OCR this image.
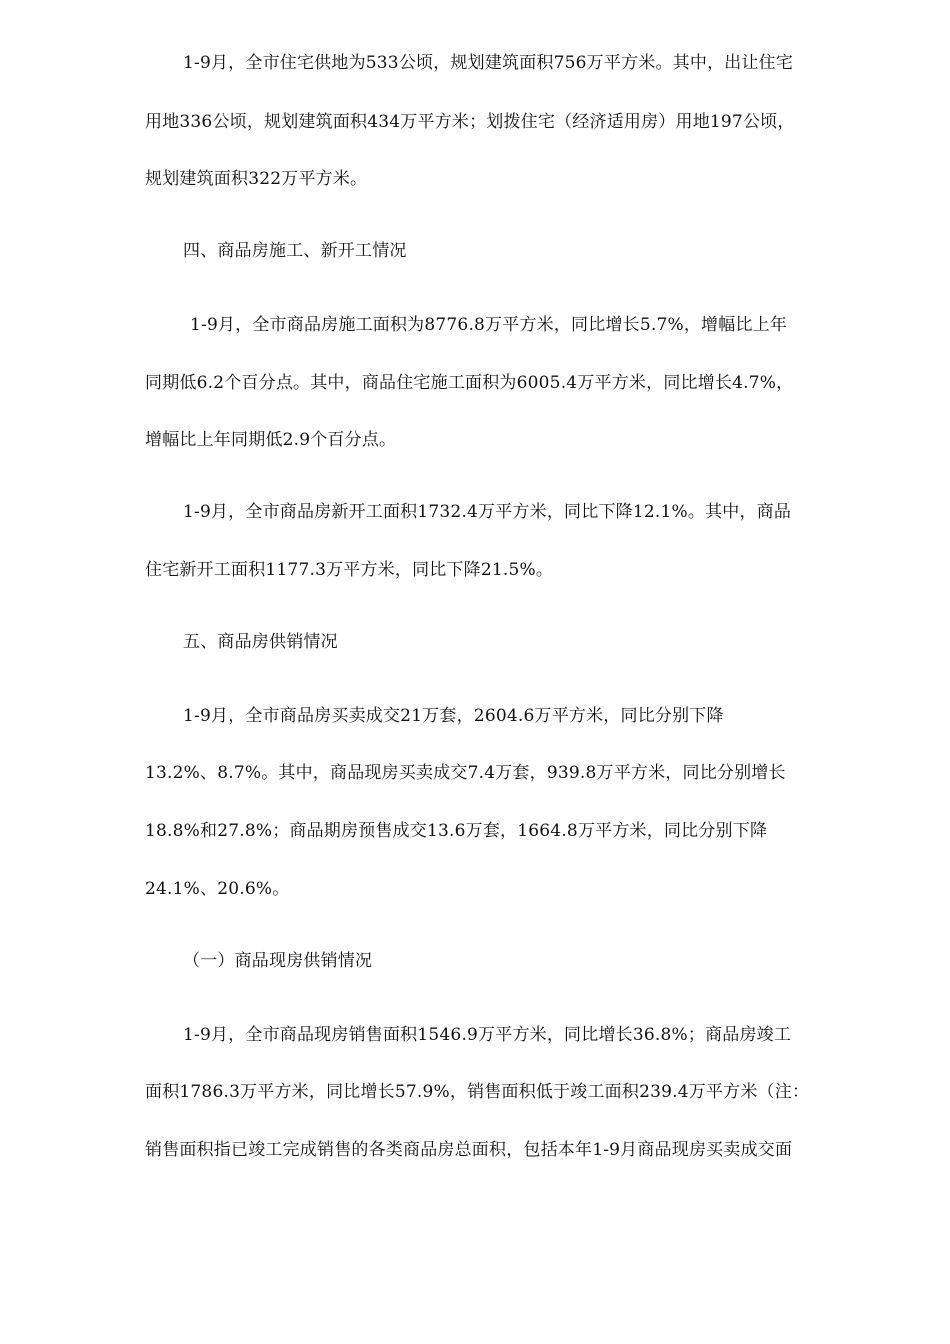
1-9月，全市住宅供地为533公顷，规划建筑面积756万平方米。其中，出让住宅
用地336公顷，规划建筑面积434万平方米；划拨住宅（经济适用房）用地197公顷，
规划建筑面积322万平方米。
四、商品房施工、新开工情况
1-9月，全市商品房施工面积为8776.8万平方米，同比增长5.7%，增幅比上年
同期低6.2个百分点。其中，商品住宅施工面积为6005.4万平方米，同比增长4.7%，
增幅比上年同期低2.9个百分点。
1-9月，全市商品房新开工面积1732.4万平方米，同比下降12.1%。其中，商品
住宅新开工面积1177.3万平方米，同比下降21.5%。
五、商品房供销情况
1-9月，全市商品房买卖成交21万套，2604.6万平方米，同比分别下降
13.2%、8.7%。其中，商品现房买卖成交7.4万套，939.8万平方米，同比分别增长
18.8%和27.8%；商品期房预售成交13.6万套，1664.8万平方米，同比分别下降
24.1%、20.6%。
（一）商品现房供销情况
1-9月，全市商品现房销售面积1546.9万平方米，同比增长36.8%；商品房竣工
面积1786.3万平方米，同比增长57.9%，销售面积低于竣工面积239.4万平方米（注：
销售面积指已竣工完成销售的各类商品房总面积，包括本年1-9月商品现房买卖成交面
